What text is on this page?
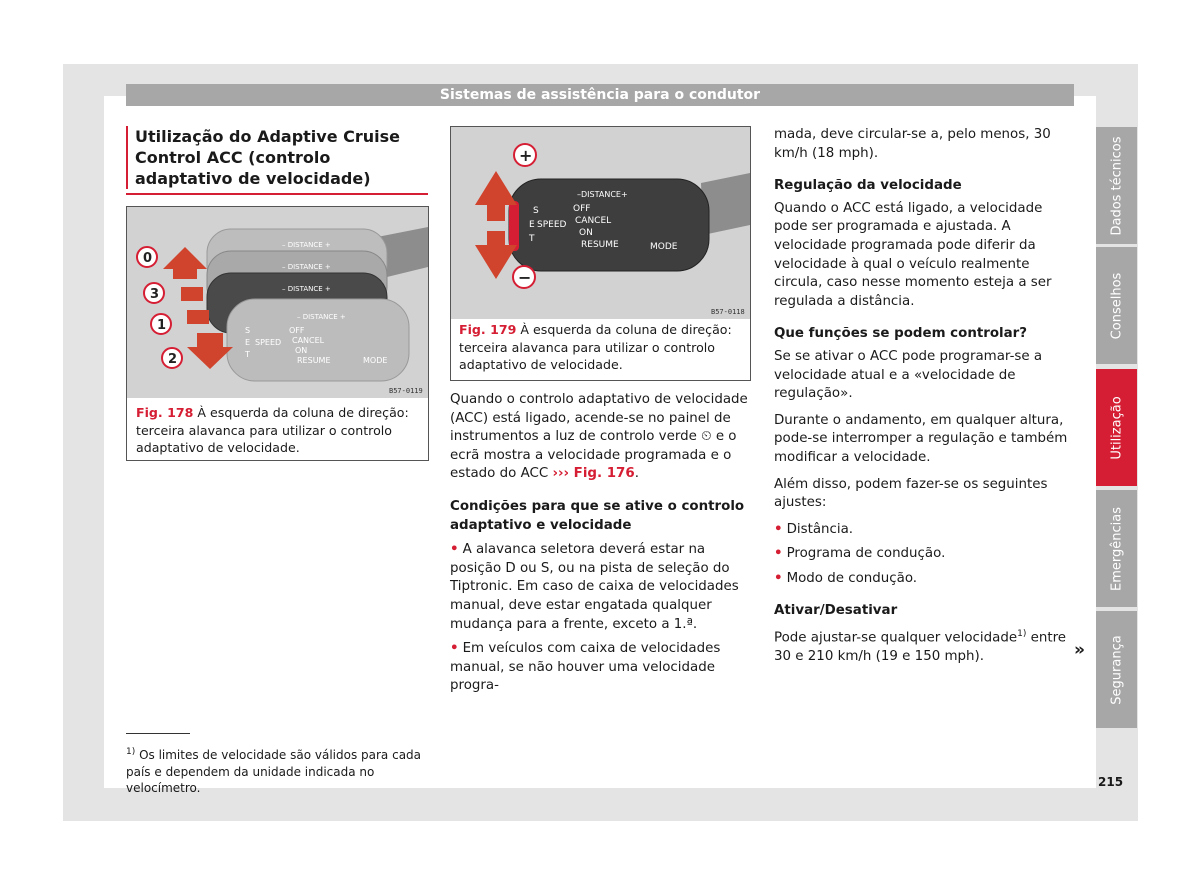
Sistemas de assistência para o condutor
Dados técnicos
Conselhos
Utilização
Emergências
Segurança
Utilização do Adaptive Cruise Control ACC (controlo adaptativo de velocidade)
– DISTANCE +
– DISTANCE +
– DISTANCE +
– DISTANCE +
S
E
T
SPEED
OFF
CANCEL
ON
RESUME	MODE
0
3
1
2
B57-0119
Fig. 178 À esquerda da coluna de direção: terceira alavanca para utilizar o controlo adaptativo de velocidade.
–DISTANCE+
S
E
T
SPEED
OFF
CANCEL
ON
RESUME	MODE
+
−
B57-0118
Fig. 179 À esquerda da coluna de direção: terceira alavanca para utilizar o controlo adaptativo de velocidade.

Quando o controlo adaptativo de velocidade (ACC) está ligado, acende-se no painel de instrumentos a luz de controlo verde ⏲ e o ecrã mostra a velocidade programada e o estado do ACC ››› Fig. 176.

Condições para que se ative o controlo adaptativo e velocidade

• A alavanca seletora deverá estar na posição D ou S, ou na pista de seleção do Tiptronic. Em caso de caixa de velocidades manual, deve estar engatada qualquer mudança para a frente, exceto a 1.ª.

• Em veículos com caixa de velocidades manual, se não houver uma velocidade progra-

mada, deve circular-se a, pelo menos, 30 km/h (18 mph).

Regulação da velocidade

Quando o ACC está ligado, a velocidade pode ser programada e ajustada. A velocidade programada pode diferir da velocidade à qual o veículo realmente circula, caso nesse momento esteja a ser regulada a distância.

Que funções se podem controlar?

Se se ativar o ACC pode programar-se a velocidade atual e a «velocidade de regulação».

Durante o andamento, em qualquer altura, pode-se interromper a regulação e também modificar a velocidade.

Além disso, podem fazer-se os seguintes ajustes:

• Distância.

• Programa de condução.

• Modo de condução.

Ativar/Desativar

Pode ajustar-se qualquer velocidade$^{1)}$ entre 30 e 210 km/h (19 e 150 mph).	»
$^{1)}$ Os limites de velocidade são válidos para cada país e dependem da unidade indicada no velocímetro.	215
